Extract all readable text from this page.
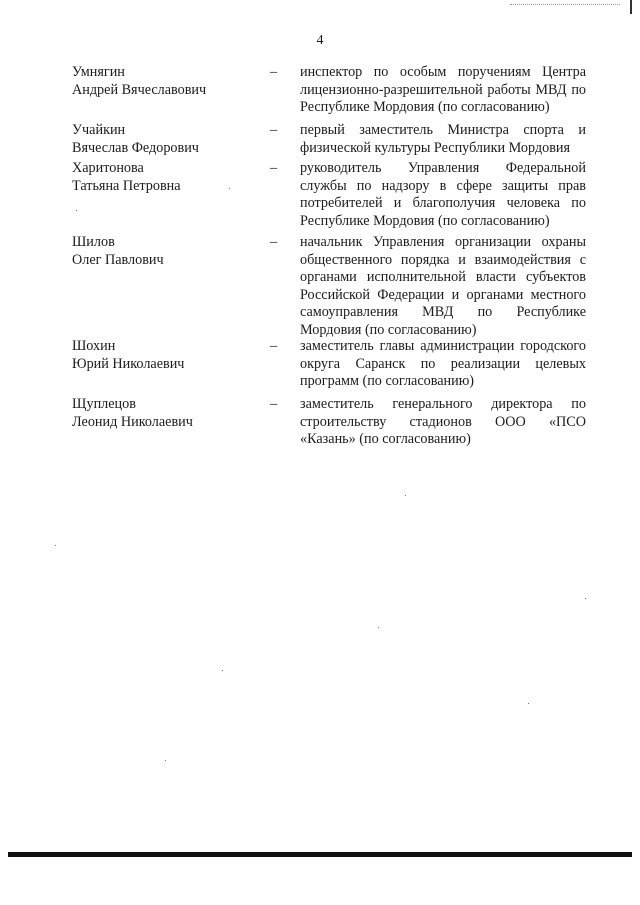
4
Умнягин
Андрей Вячеславович
– инспектор по особым поручениям Центра лицензионно-разрешительной работы МВД по Республике Мордовия (по согласованию)
Учайкин
Вячеслав Федорович
– первый заместитель Министра спорта и физической культуры Республики Мордовия
Харитонова
Татьяна Петровна
– руководитель Управления Федеральной службы по надзору в сфере защиты прав потребителей и благополучия человека по Республике Мордовия (по согласованию)
Шилов
Олег Павлович
– начальник Управления организации охраны общественного порядка и взаимодействия с органами исполнительной власти субъектов Российской Федерации и органами местного самоуправления МВД по Республике Мордовия (по согласованию)
Шохин
Юрий Николаевич
– заместитель главы администрации городского округа Саранск по реализации целевых программ (по согласованию)
Щуплецов
Леонид Николаевич
– заместитель генерального директора по строительству стадионов ООО «ПСО «Казань» (по согласованию)
